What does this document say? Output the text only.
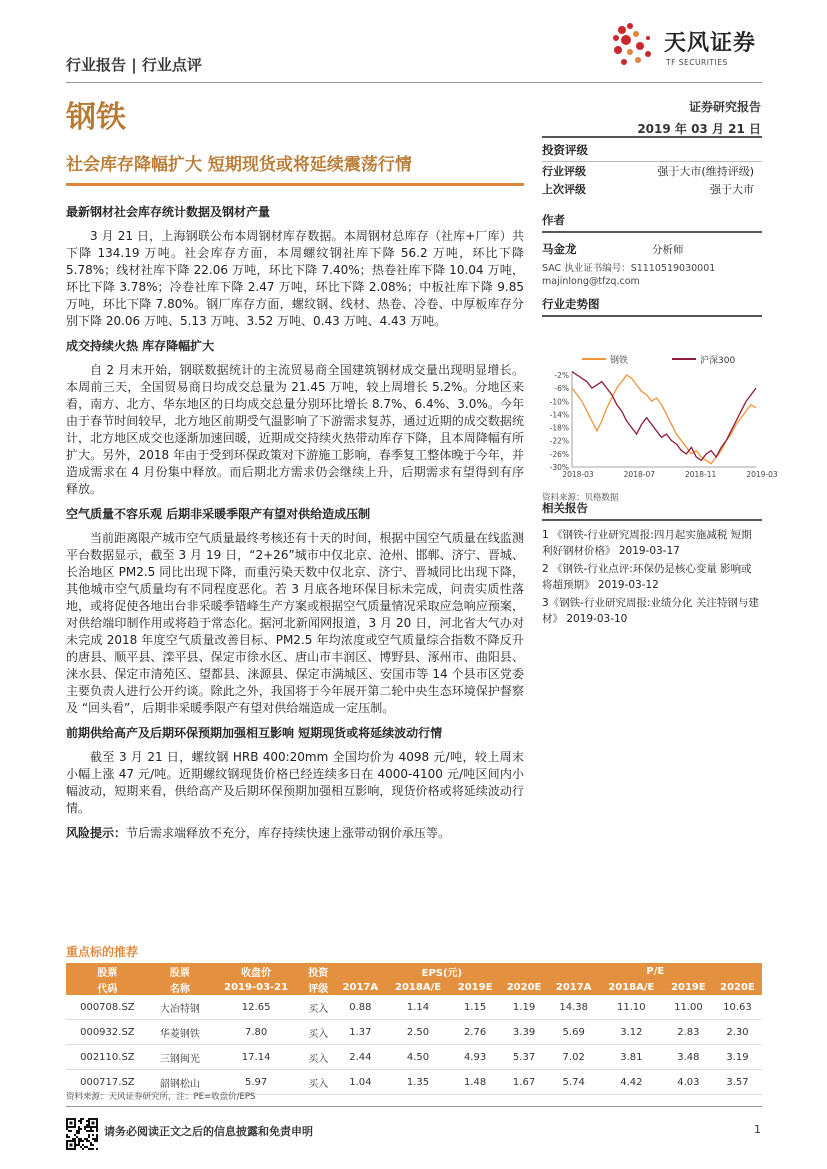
行业报告 | 行业点评
天风证券
TF SECURITIES
钢铁	证券研究报告
2019 年 03 月 21 日
社会库存降幅扩大 短期现货或将延续震荡行情
最新钢材社会库存统计数据及钢材产量

3 月 21 日，上海钢联公布本周钢材库存数据。本周钢材总库存（社库+厂库）共下降 134.19 万吨。社会库存方面，本周螺纹钢社库下降 56.2 万吨，环比下降 5.78%；线材社库下降 22.06 万吨，环比下降 7.40%；热卷社库下降 10.04 万吨，环比下降 3.78%；冷卷社库下降 2.47 万吨，环比下降 2.08%；中板社库下降 9.85 万吨，环比下降 7.80%。钢厂库存方面，螺纹钢、线材、热卷、冷卷、中厚板库存分别下降 20.06 万吨、5.13 万吨、3.52 万吨、0.43 万吨、4.43 万吨。

成交持续火热 库存降幅扩大

自 2 月末开始，钢联数据统计的主流贸易商全国建筑钢材成交量出现明显增长。本周前三天，全国贸易商日均成交总量为 21.45 万吨，较上周增长 5.2%。分地区来看，南方、北方、华东地区的日均成交总量分别环比增长 8.7%、6.4%、3.0%。今年由于春节时间较早，北方地区前期受气温影响了下游需求复苏，通过近期的成交数据统计，北方地区成交也逐渐加速回暖，近期成交持续火热带动库存下降，且本周降幅有所扩大。另外，2018 年由于受到环保政策对下游施工影响，春季复工整体晚于今年，并造成需求在 4 月份集中释放。而后期北方需求仍会继续上升，后期需求有望得到有序释放。

空气质量不容乐观 后期非采暖季限产有望对供给造成压制

当前距离限产城市空气质量最终考核还有十天的时间，根据中国空气质量在线监测平台数据显示，截至 3 月 19 日，“2+26”城市中仅北京、沧州、邯郸、济宁、晋城、长治地区 PM2.5 同比出现下降，而重污染天数中仅北京、济宁、晋城同比出现下降，其他城市空气质量均有不同程度恶化。若 3 月底各地环保目标未完成，问责实质性落地，或将促使各地出台非采暖季错峰生产方案或根据空气质量情况采取应急响应预案，对供给端印制作用或将趋于常态化。据河北新闻网报道，3 月 20 日，河北省大气办对未完成 2018 年度空气质量改善目标、PM2.5 年均浓度或空气质量综合指数不降反升的唐县、顺平县、滦平县、保定市徐水区、唐山市丰润区、博野县、涿州市、曲阳县、涞水县、保定市清苑区、望都县、涞源县、保定市满城区、安国市等 14 个县市区党委主要负责人进行公开约谈。除此之外，我国将于今年展开第二轮中央生态环境保护督察及 “回头看”，后期非采暖季限产有望对供给端造成一定压制。

前期供给高产及后期环保预期加强相互影响 短期现货或将延续波动行情

截至 3 月 21 日，螺纹钢 HRB 400:20mm 全国均价为 4098 元/吨，较上周末小幅上涨 47 元/吨。近期螺纹钢现货价格已经连续多日在 4000-4100 元/吨区间内小幅波动，短期来看，供给高产及后期环保预期加强相互影响，现货价格或将延续波动行情。

风险提示：节后需求端释放不充分，库存持续快速上涨带动钢价承压等。

投资评级
行业评级	强于大市(维持评级)
上次评级	强于大市
作者
马金龙	分析师
SAC 执业证书编号：S1110519030001
majinlong@tfzq.com
行业走势图
钢铁	沪深300
-2%
-6%
-10%
-14%
-18%
-22%
-26%
-30%
2018-03	2018-07	2018-11	2019-03
资料来源：贝格数据
相关报告
1 《钢铁-行业研究周报:四月起实施减税 短期利好钢材价格》 2019-03-17
2 《钢铁-行业点评:环保仍是核心变量 影响或将超预期》 2019-03-12
3《钢铁-行业研究周报:业绩分化 关注特钢与建材》 2019-03-10
重点标的推荐
股票	股票	收盘价	投资	EPS(元)				P/E			
代码	名称	2019-03-21	评级	2017A	2018A/E	2019E	2020E	2017A	2018A/E	2019E	2020E
000708.SZ	大冶特钢	12.65	买入	0.88	1.14	1.15	1.19	14.38	11.10	11.00	10.63
000932.SZ	华菱钢铁	7.80	买入	1.37	2.50	2.76	3.39	5.69	3.12	2.83	2.30
002110.SZ	三钢闽光	17.14	买入	2.44	4.50	4.93	5.37	7.02	3.81	3.48	3.19
000717.SZ	韶钢松山	5.97	买入	1.04	1.35	1.48	1.67	5.74	4.42	4.03	3.57
资料来源：天风证券研究所，注：PE=收盘价/EPS
请务必阅读正文之后的信息披露和免责申明	1
